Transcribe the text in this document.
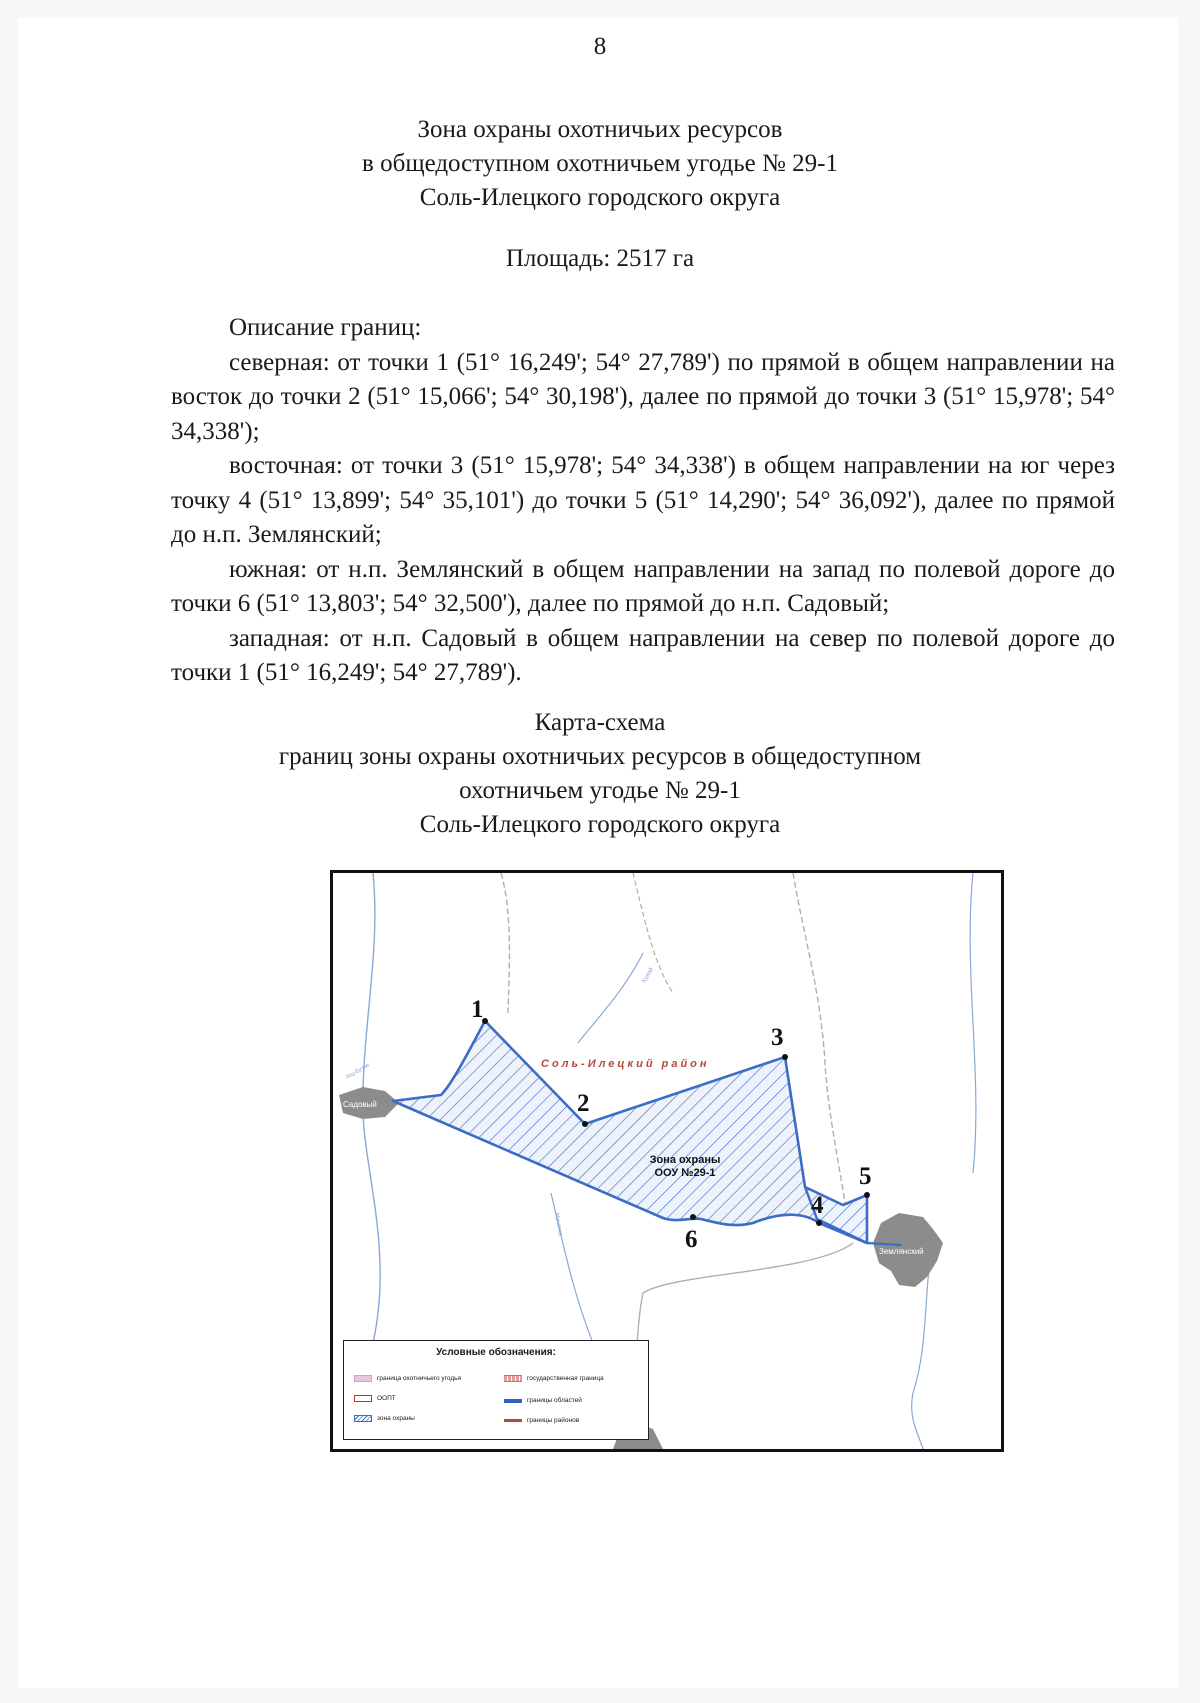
8
Зона охраны охотничьих ресурсов
в общедоступном охотничьем угодье № 29-1
Соль-Илецкого городского округа
Площадь: 2517 га
Описание границ:

северная: от точки 1 (51° 16,249'; 54° 27,789') по прямой в общем направлении на восток до точки 2 (51° 15,066'; 54° 30,198'), далее по прямой до точки 3 (51° 15,978'; 54° 34,338');

восточная: от точки 3 (51° 15,978'; 54° 34,338') в общем направлении на юг через точку 4 (51° 13,899'; 54° 35,101') до точки 5 (51° 14,290'; 54° 36,092'), далее по прямой до н.п. Землянский;

южная: от н.п. Землянский в общем направлении на запад по полевой дороге до точки 6 (51° 13,803'; 54° 32,500'), далее по прямой до н.п. Садовый;

западная: от н.п. Садовый в общем направлении на север по полевой дороге до точки 1 (51° 16,249'; 54° 27,789').

Карта-схема
границ зоны охраны охотничьих ресурсов в общедоступном
охотничьем угодье № 29-1
Соль-Илецкого городского округа
1
2
3
4
5
6
Соль-Илецкий район
Зона охраны
ООУ №29-1
Садовый
Землянский
Кувай
Мечетка
Ащ-Бутак
Условные обозначения:
граница охотничьего угодья
ООПТ
зона охраны
государственная граница
границы областей
границы районов
